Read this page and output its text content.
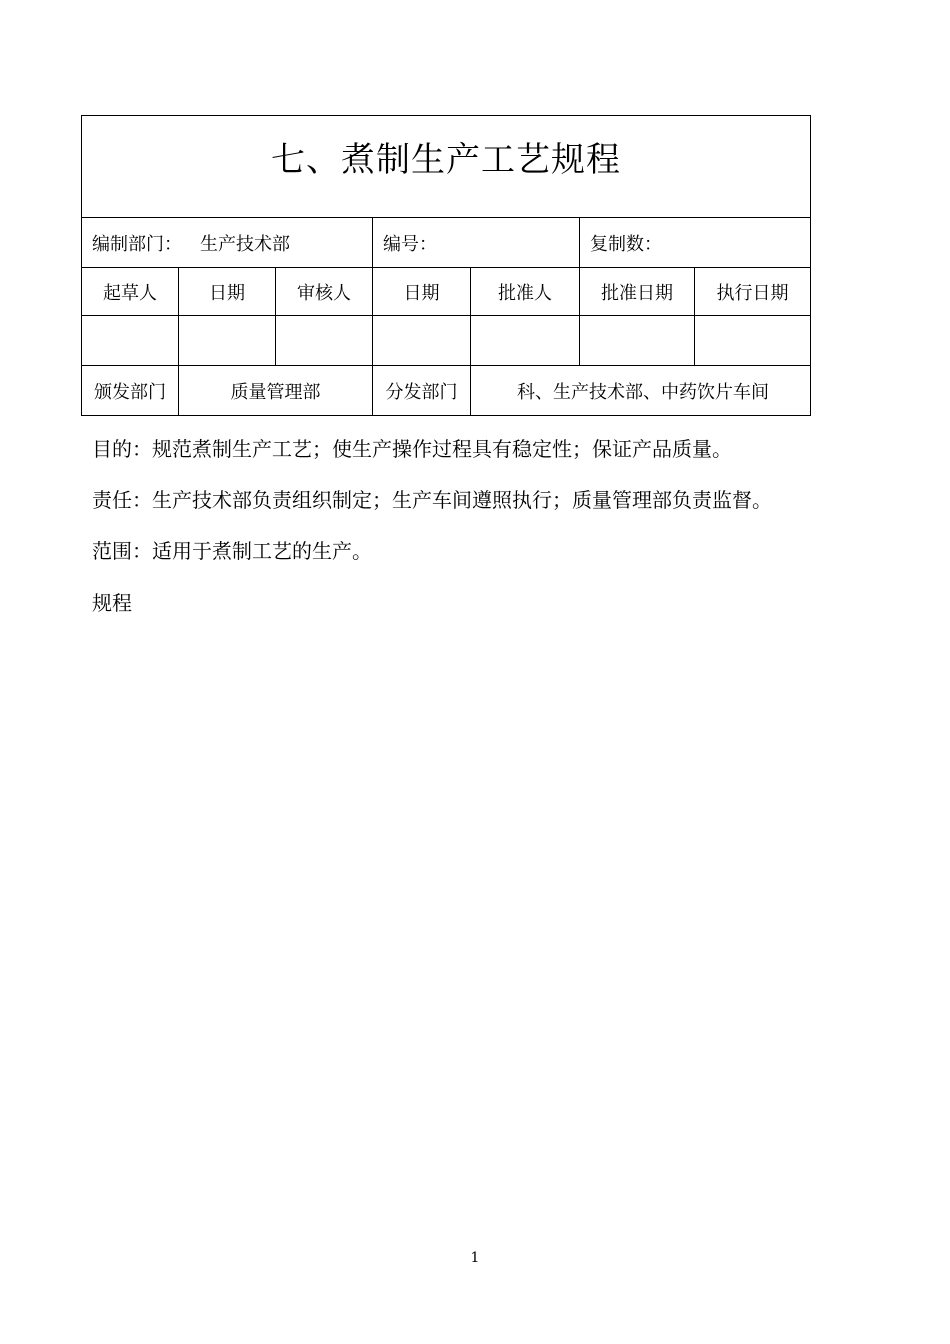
七、煮制生产工艺规程						

编制部门： 生产技术部			编号：		复制数：	
起草人	日期	审核人	日期	批准人	批准日期	执行日期

颁发部门	质量管理部		分发部门	科、生产技术部、中药饮片车间		
目的：规范煮制生产工艺；使生产操作过程具有稳定性；保证产品质量。
责任：生产技术部负责组织制定；生产车间遵照执行；质量管理部负责监督。
范围：适用于煮制工艺的生产。
规程
1
